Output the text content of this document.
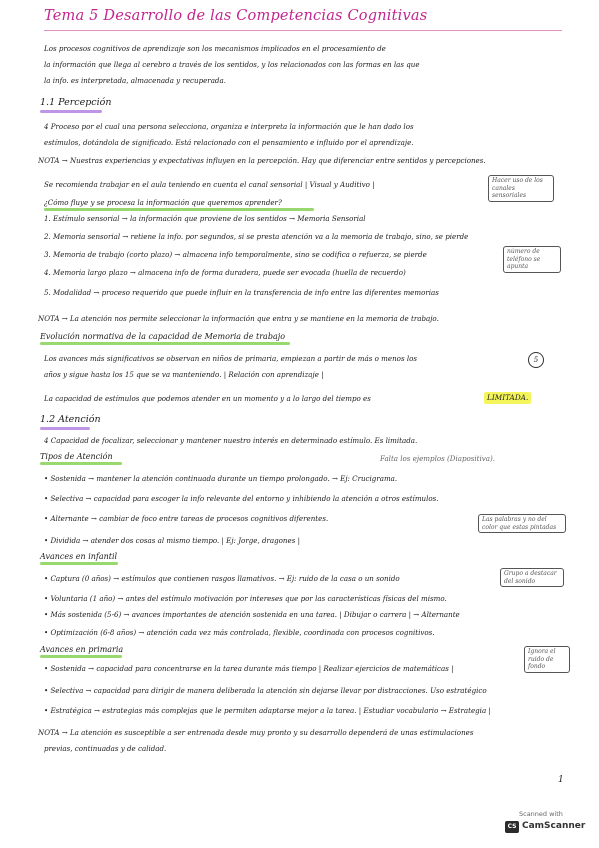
Tema 5 Desarrollo de las Competencias Cognitivas
Los procesos cognitivos de aprendizaje son los mecanismos implicados en el procesamiento de
la información que llega al cerebro a través de los sentidos, y los relacionados con las formas en las que
la info. es interpretada, almacenada y recuperada.
1.1 Percepción
4 Proceso por el cual una persona selecciona, organiza e interpreta la información que le han dado los
estímulos, dotándola de significado. Está relacionado con el pensamiento e influido por el aprendizaje.
NOTA → Nuestras experiencias y expectativas influyen en la percepción. Hay que diferenciar entre sentidos y percepciones.
Se recomienda trabajar en el aula teniendo en cuenta el canal sensorial | Visual y Auditivo |	Hacer uso de los canales sensoriales
¿Cómo fluye y se procesa la información que queremos aprender?
1. Estímulo sensorial → la información que proviene de los sentidos → Memoria Sensorial
2. Memoria sensorial → retiene la info. por segundos, si se presta atención va a la memoria de trabajo, sino, se pierde
número de teléfono se apunta
3. Memoria de trabajo (corto plazo) → almacena info temporalmente, sino se codifica o refuerza, se pierde
4. Memoria largo plazo → almacena info de forma duradera, puede ser evocada (huella de recuerdo)
5. Modalidad → proceso requerido que puede influir en la transferencia de info entre las diferentes memorias
NOTA → La atención nos permite seleccionar la información que entra y se mantiene en la memoria de trabajo.
Evolución normativa de la capacidad de Memoria de trabajo
Los avances más significativos se observan en niños de primaria, empiezan a partir de más o menos los	5
años y sigue hasta los 15 que se va manteniendo. | Relación con aprendizaje |
La capacidad de estímulos que podemos atender en un momento y a lo largo del tiempo es	LIMITADA.
1.2 Atención
4 Capacidad de focalizar, seleccionar y mantener nuestro interés en determinado estímulo. Es limitada.
Tipos de Atención	Falta los ejemplos (Diapositiva).
• Sostenida → mantener la atención continuada durante un tiempo prolongado. → Ej: Crucigrama.
• Selectiva → capacidad para escoger la info relevante del entorno y inhibiendo la atención a otros estímulos.
• Alternante → cambiar de foco entre tareas de procesos cognitivos diferentes.	Las palabras y no del color que estas pintadas
• Dividida → atender dos cosas al mismo tiempo. | Ej: Jorge, dragones |
Avances en infantil
• Captura (0 años) → estímulos que contienen rasgos llamativos. → Ej: ruido de la casa o un sonido
Grupo a destacar del sonido
• Voluntaria (1 año) → antes del estímulo motivación por intereses que por las características físicas del mismo.
• Más sostenida (5-6) → avances importantes de atención sostenida en una tarea. | Dibujar o carrera | → Alternante
• Optimización (6-8 años) → atención cada vez más controlada, flexible, coordinada con procesos cognitivos.
Avances en primaria
• Sostenida → capacidad para concentrarse en la tarea durante más tiempo | Realizar ejercicios de matemáticas |
Ignora el ruido de fondo
• Selectiva → capacidad para dirigir de manera deliberada la atención sin dejarse llevar por distracciones. Uso estratégico
• Estratégica → estrategias más complejas que le permiten adaptarse mejor a la tarea. | Estudiar vocabulario → Estrategia |
NOTA → La atención es susceptible a ser entrenada desde muy pronto y su desarrollo dependerá de unas estimulaciones
previas, continuadas y de calidad.
1
Scanned with
CS CamScanner
